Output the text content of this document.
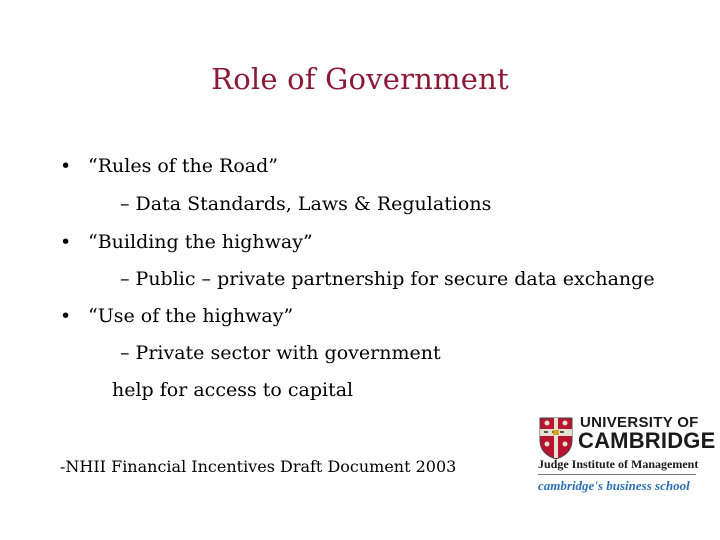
Role of Government
• “Rules of the Road”
– Data Standards, Laws & Regulations
• “Building the highway”
– Public – private partnership for secure data exchange
• “Use of the highway”
– Private sector with government
help for access to capital
-NHII Financial Incentives Draft Document 2003
UNIVERSITY OF
CAMBRIDGE
Judge Institute of Management
cambridge's business school
